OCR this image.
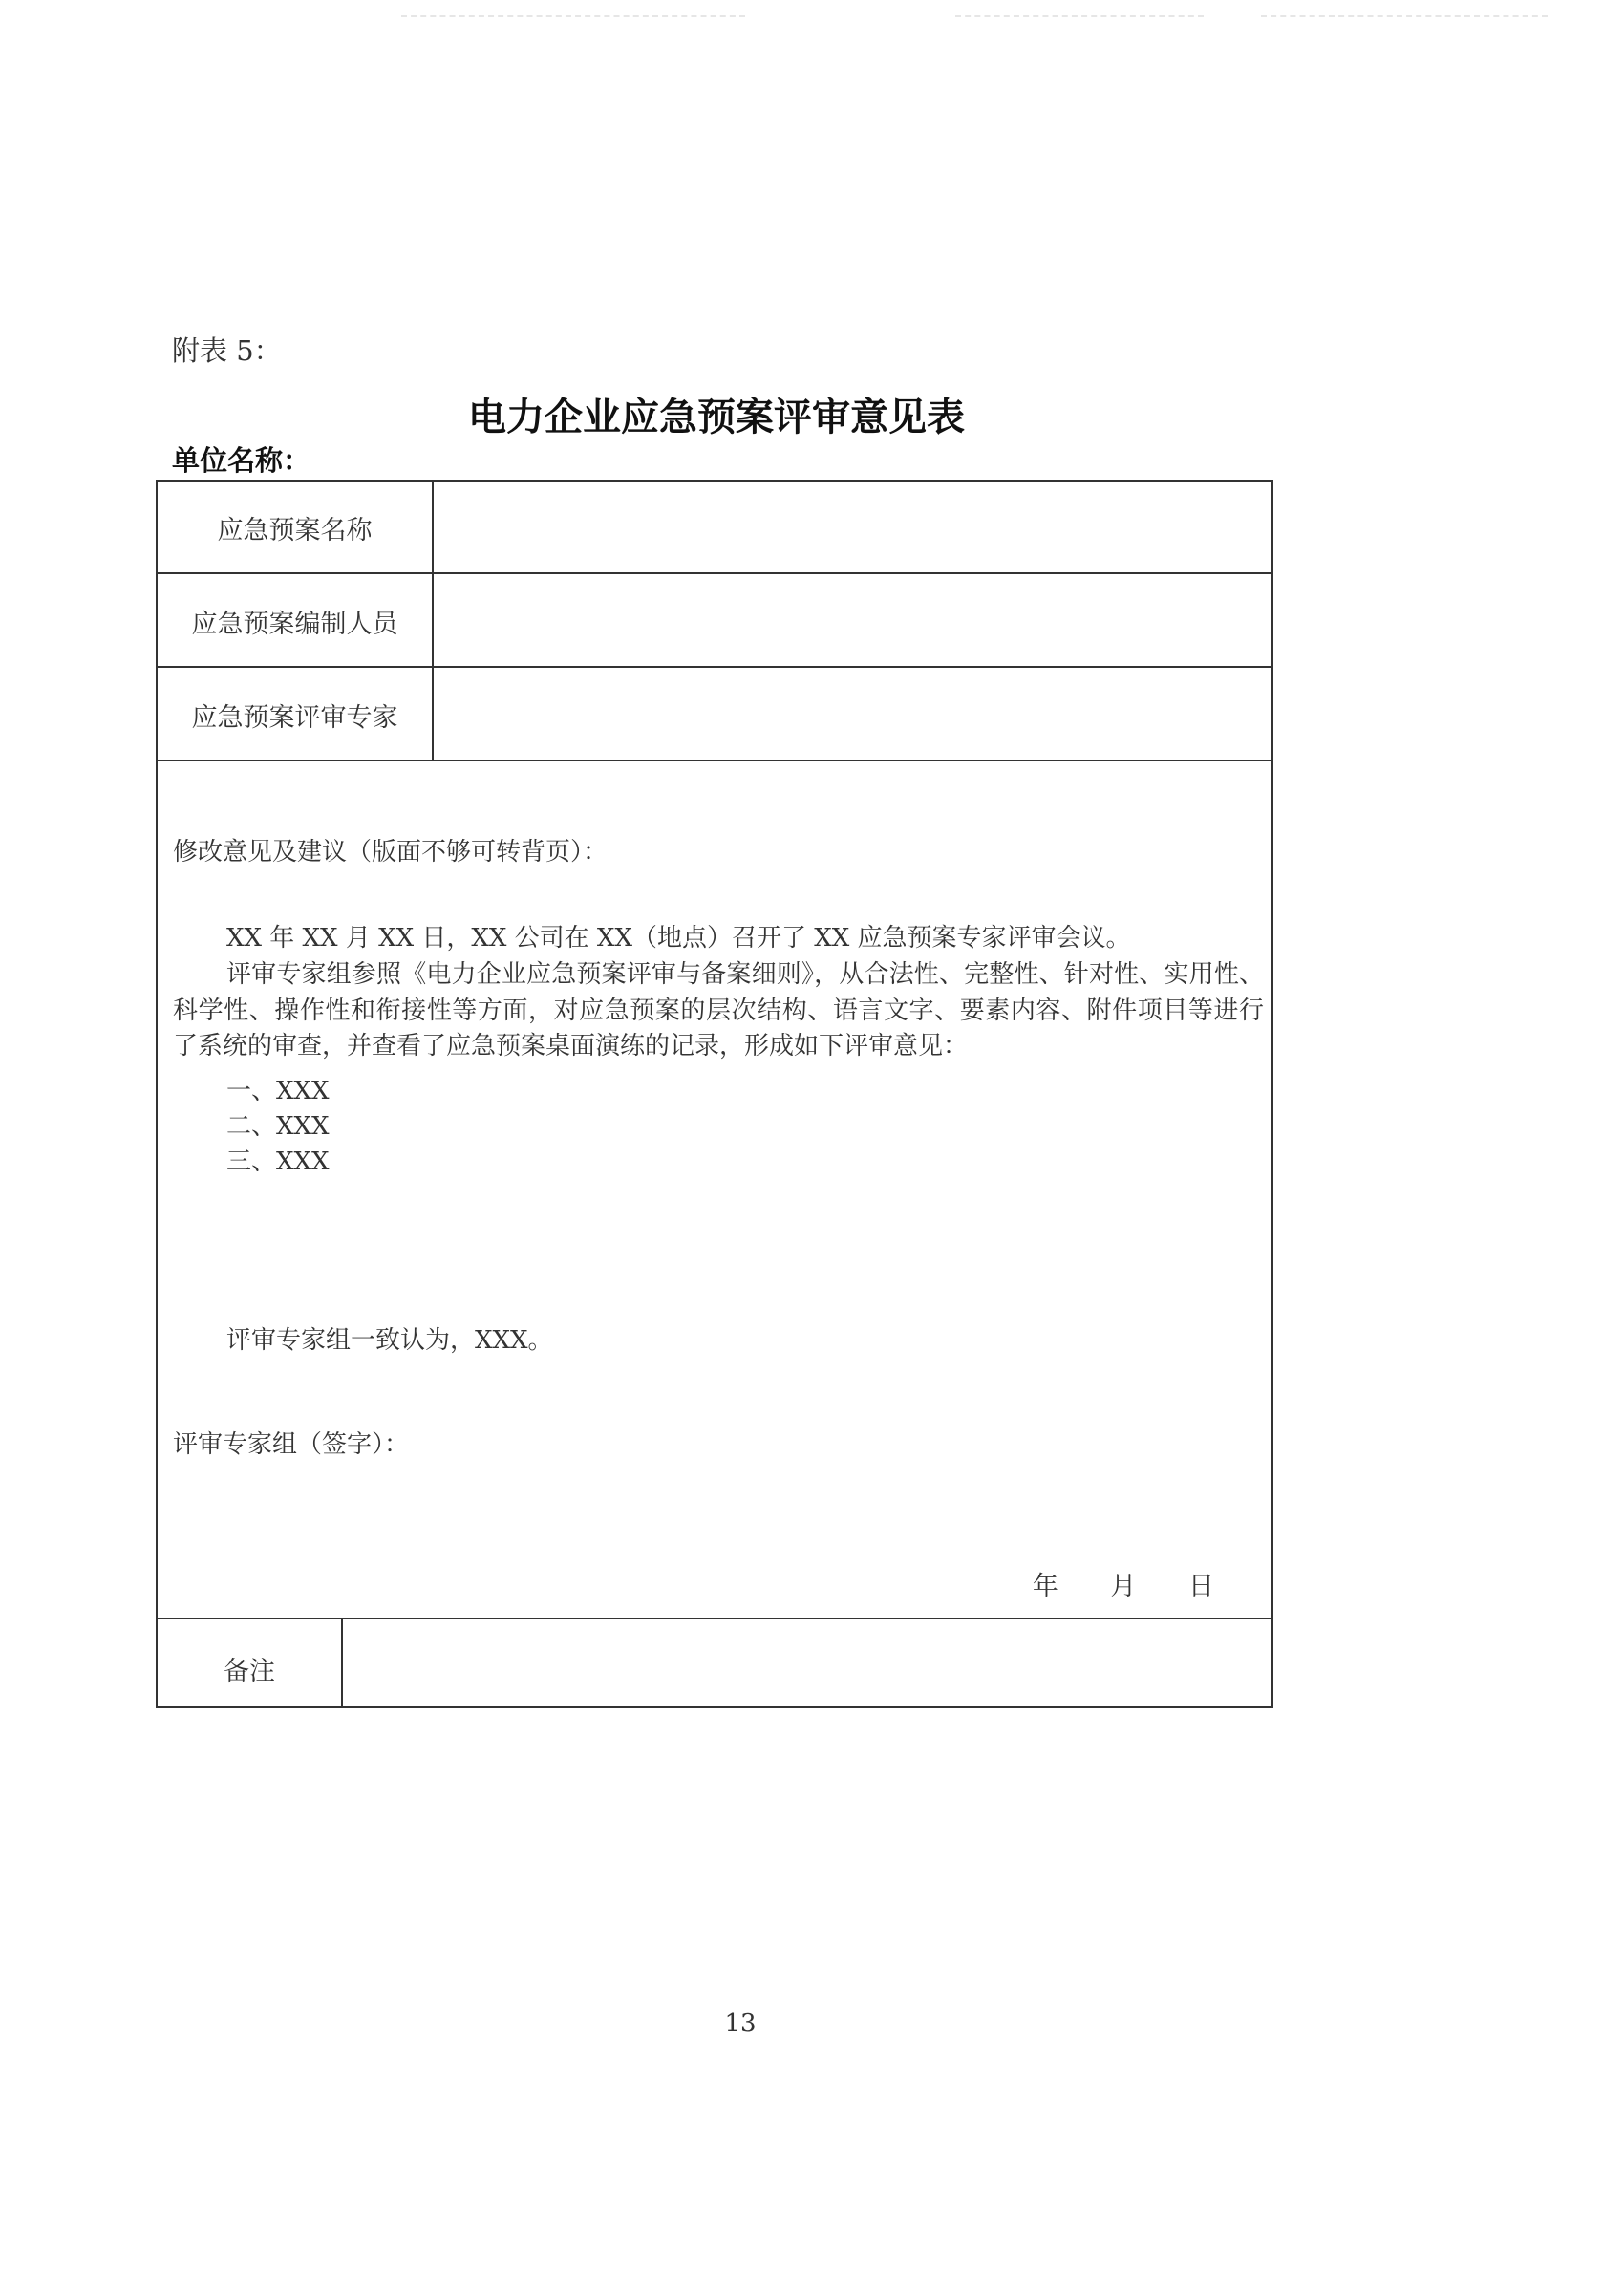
附表 5：
电力企业应急预案评审意见表
单位名称：
应急预案名称
应急预案编制人员
应急预案评审专家
修改意见及建议（版面不够可转背页）：
XX 年 XX 月 XX 日，XX 公司在 XX（地点）召开了 XX 应急预案专家评审会议。
评审专家组参照《电力企业应急预案评审与备案细则》，从合法性、完整性、针对性、实用性、科学性、操作性和衔接性等方面，对应急预案的层次结构、语言文字、要素内容、附件项目等进行了系统的审查，并查看了应急预案桌面演练的记录，形成如下评审意见：
一、XXX
二、XXX
三、XXX
评审专家组一致认为，XXX。
评审专家组（签字）：
年 月 日
备注
13
